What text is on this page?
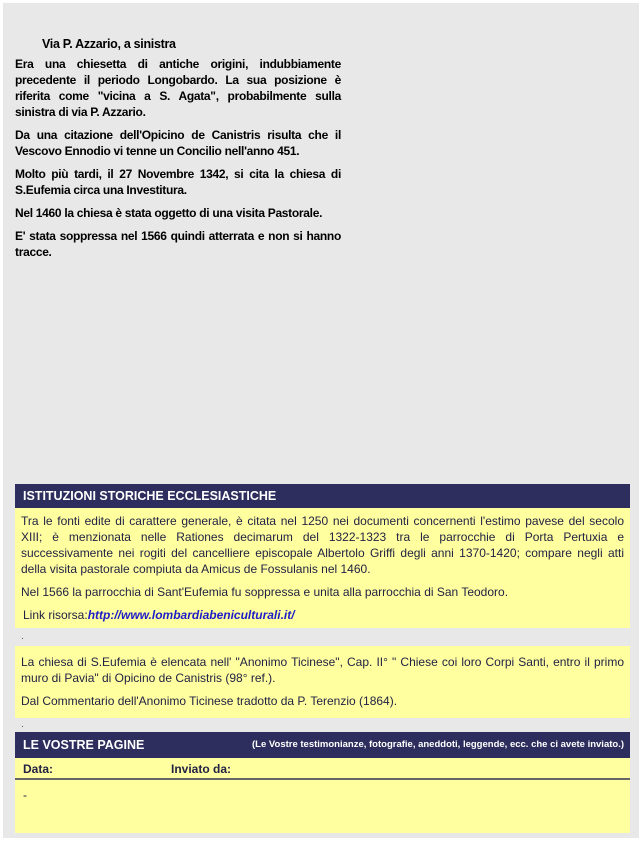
Via P. Azzario, a sinistra

Era una chiesetta di antiche origini, indubbiamente precedente il periodo Longobardo. La sua posizione è riferita come "vicina a S. Agata", probabilmente sulla sinistra di via P. Azzario.

Da una citazione dell'Opicino de Canistris risulta che il Vescovo Ennodio vi tenne un Concilio nell'anno 451.

Molto più tardi, il 27 Novembre 1342, si cita la chiesa di S.Eufemia circa una Investitura.

Nel 1460 la chiesa è stata oggetto di una visita Pastorale.

E' stata soppressa nel 1566 quindi atterrata e non si hanno tracce.

ISTITUZIONI STORICHE ECCLESIASTICHE

Tra le fonti edite di carattere generale, è citata nel 1250 nei documenti concernenti l'estimo pavese del secolo XIII; è menzionata nelle Rationes decimarum del 1322-1323 tra le parrocchie di Porta Pertuxia e successivamente nei rogiti del cancelliere episcopale Albertolo Griffi degli anni 1370-1420; compare negli atti della visita pastorale compiuta da Amicus de Fossulanis nel 1460.

Nel 1566 la parrocchia di Sant'Eufemia fu soppressa e unita alla parrocchia di San Teodoro.

Link risorsa:http://www.lombardiabeniculturali.it/

.

La chiesa di S.Eufemia è elencata nell' "Anonimo Ticinese", Cap. II° " Chiese coi loro Corpi Santi, entro il primo muro di Pavia" di Opicino de Canistris (98° ref.).

Dal Commentario dell'Anonimo Ticinese tradotto da P. Terenzio (1864).

.
LE VOSTRE PAGINE	(Le Vostre testimonianze, fotografie, aneddoti, leggende, ecc. che ci avete inviato.)
Data:	Inviato da:
-
